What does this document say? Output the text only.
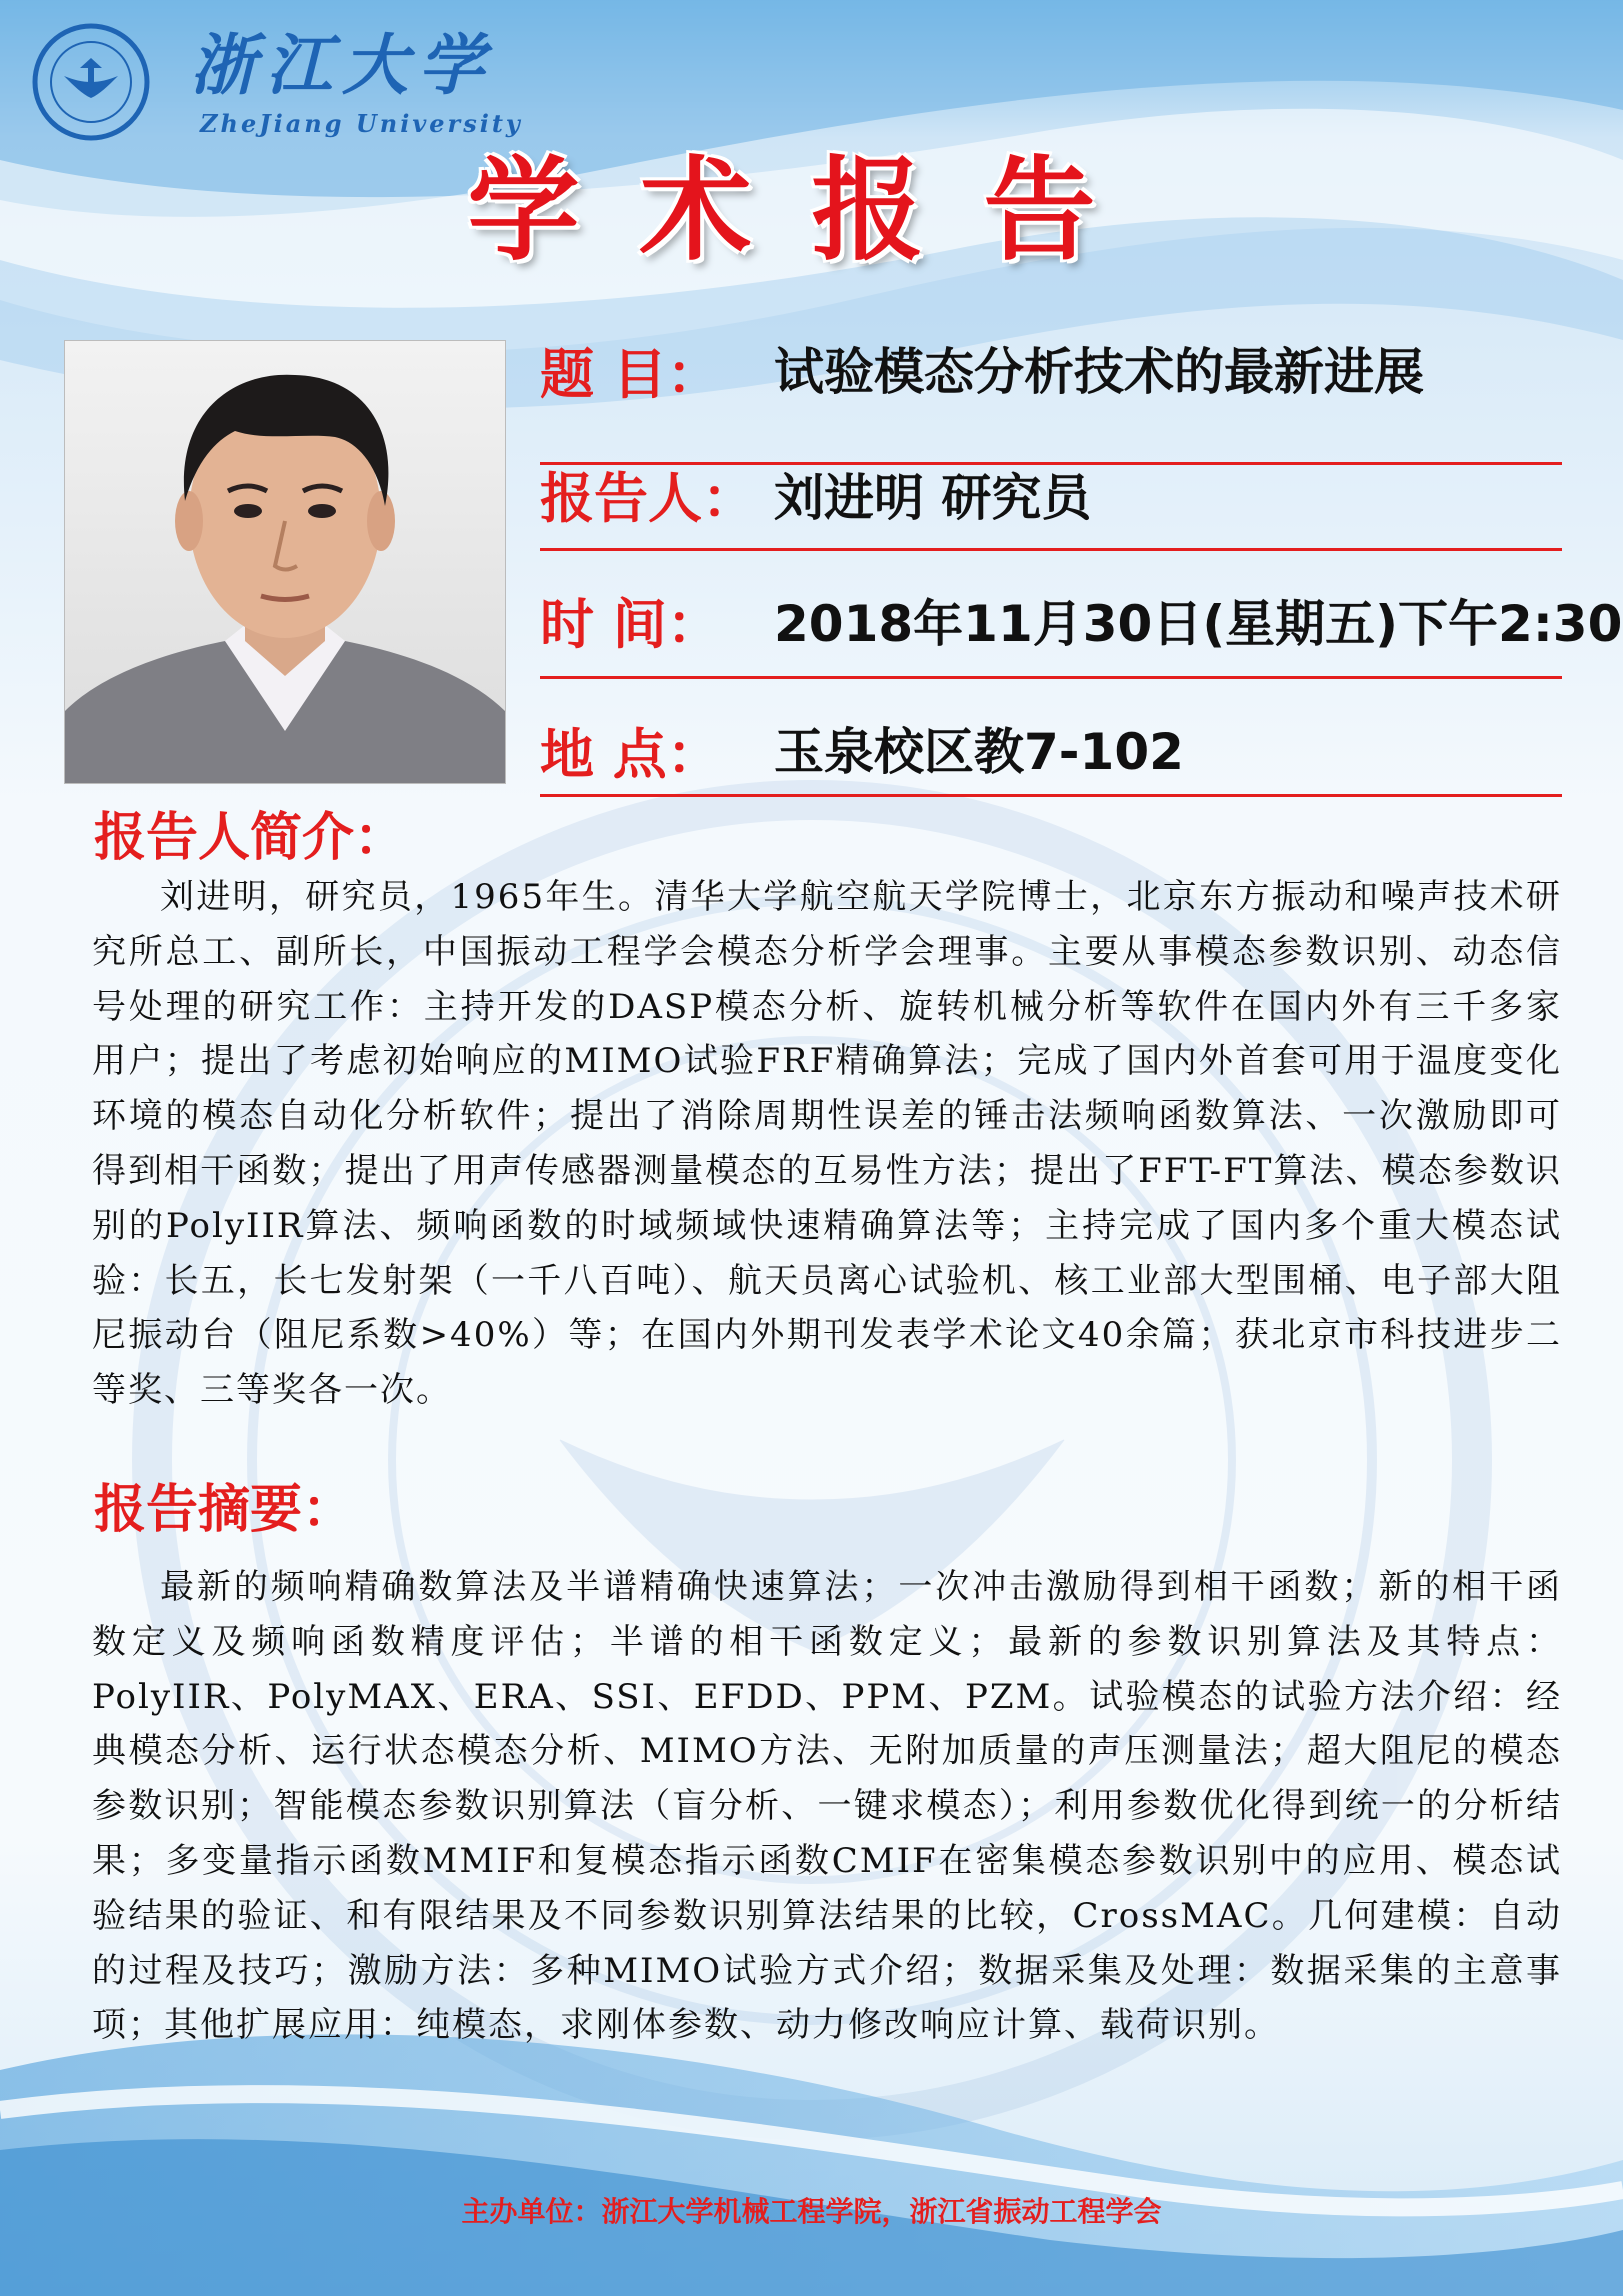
浙江大学
ZheJiang University
学术报告
题 目： 试验模态分析技术的最新进展
报告人： 刘进明 研究员
时 间： 2018年11月30日(星期五)下午2:30
地 点： 玉泉校区教7-102
报告人简介：
刘进明，研究员，1965年生。清华大学航空航天学院博士，北京东方振动和噪声技术研究所总工、副所长，中国振动工程学会模态分析学会理事。主要从事模态参数识别、动态信号处理的研究工作：主持开发的DASP模态分析、旋转机械分析等软件在国内外有三千多家用户；提出了考虑初始响应的MIMO试验FRF精确算法；完成了国内外首套可用于温度变化环境的模态自动化分析软件；提出了消除周期性误差的锤击法频响函数算法、一次激励即可得到相干函数；提出了用声传感器测量模态的互易性方法；提出了FFT-FT算法、模态参数识别的PolyIIR算法、频响函数的时域频域快速精确算法等；主持完成了国内多个重大模态试验：长五，长七发射架（一千八百吨）、航天员离心试验机、核工业部大型围桶、电子部大阻尼振动台（阻尼系数>40%）等；在国内外期刊发表学术论文40余篇；获北京市科技进步二等奖、三等奖各一次。
报告摘要：
最新的频响精确数算法及半谱精确快速算法；一次冲击激励得到相干函数；新的相干函数定义及频响函数精度评估；半谱的相干函数定义；最新的参数识别算法及其特点：PolyIIR、PolyMAX、ERA、SSI、EFDD、PPM、PZM。试验模态的试验方法介绍：经典模态分析、运行状态模态分析、MIMO方法、无附加质量的声压测量法；超大阻尼的模态参数识别；智能模态参数识别算法（盲分析、一键求模态）；利用参数优化得到统一的分析结果；多变量指示函数MMIF和复模态指示函数CMIF在密集模态参数识别中的应用、模态试验结果的验证、和有限结果及不同参数识别算法结果的比较，CrossMAC。几何建模：自动的过程及技巧；激励方法：多种MIMO试验方式介绍；数据采集及处理：数据采集的主意事项；其他扩展应用：纯模态，求刚体参数、动力修改响应计算、载荷识别。
主办单位：浙江大学机械工程学院，浙江省振动工程学会
